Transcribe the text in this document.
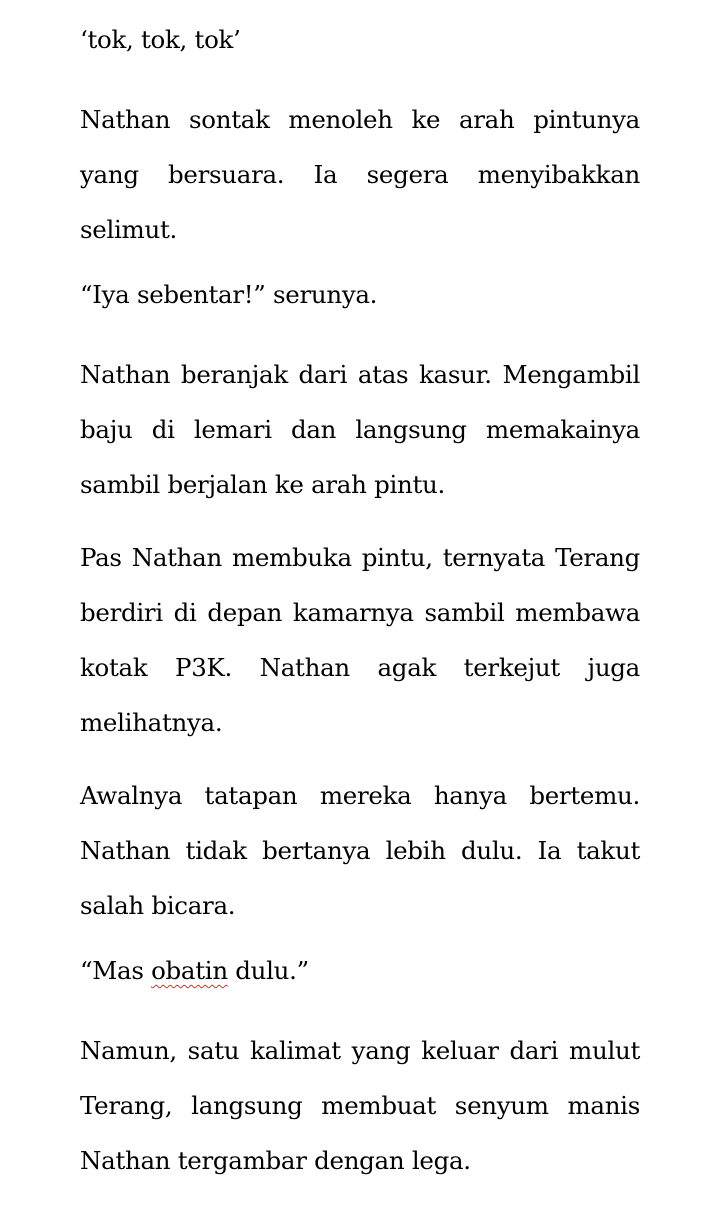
‘tok, tok, tok’

Nathan sontak menoleh ke arah pintunya yang bersuara. Ia segera menyibakkan selimut.

“Iya sebentar!” serunya.

Nathan beranjak dari atas kasur. Mengambil baju di lemari dan langsung memakainya sambil berjalan ke arah pintu.

Pas Nathan membuka pintu, ternyata Terang berdiri di depan kamarnya sambil membawa kotak P3K. Nathan agak terkejut juga melihatnya.

Awalnya tatapan mereka hanya bertemu. Nathan tidak bertanya lebih dulu. Ia takut salah bicara.

“Mas obatin dulu.”

Namun, satu kalimat yang keluar dari mulut Terang, langsung membuat senyum manis Nathan tergambar dengan lega.
